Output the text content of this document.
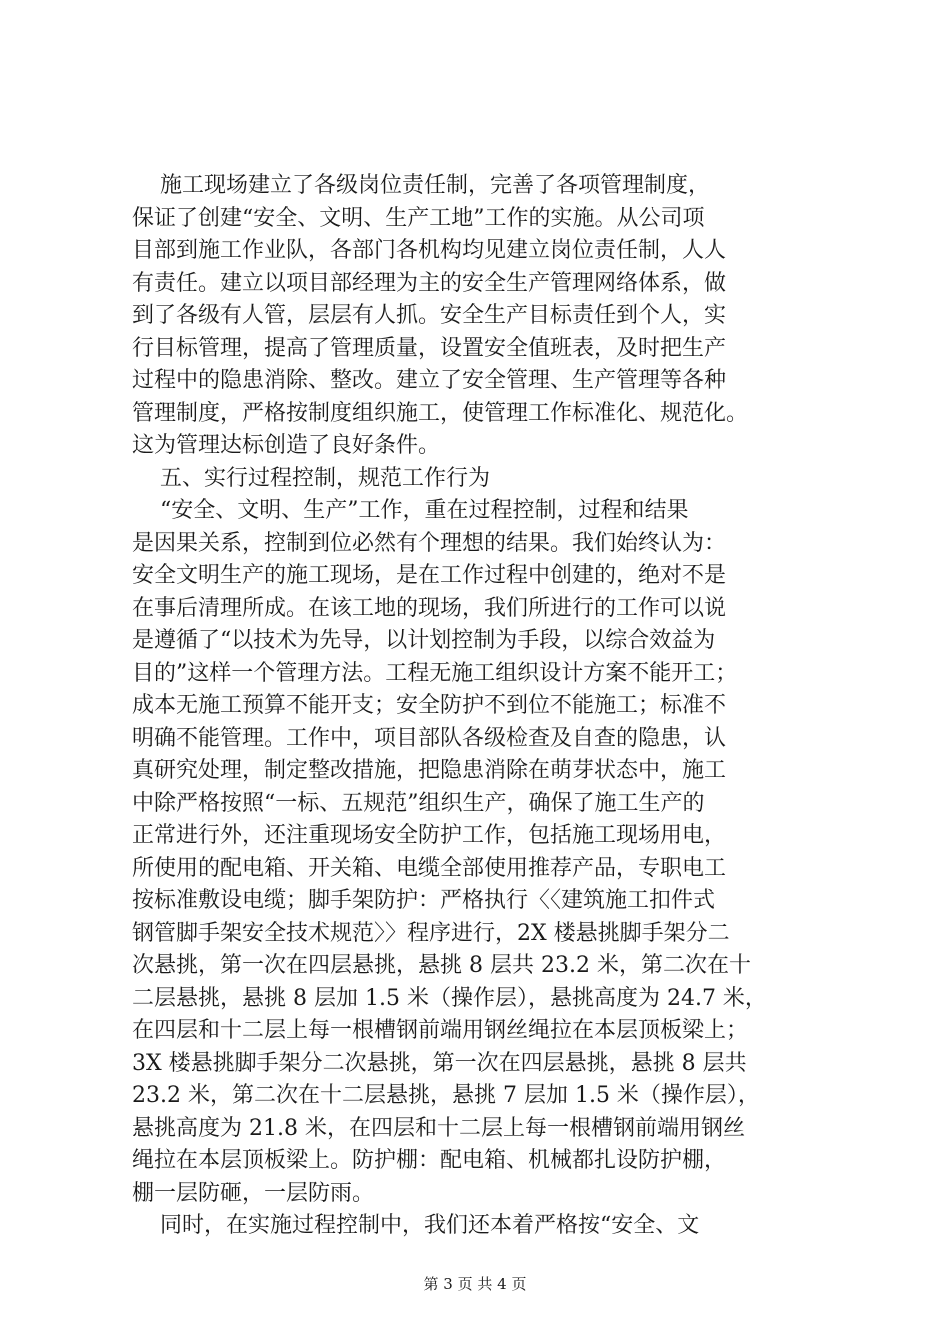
施工现场建立了各级岗位责任制，完善了各项管理制度，
保证了创建“安全、文明、生产工地”工作的实施。从公司项
目部到施工作业队，各部门各机构均见建立岗位责任制，人人
有责任。建立以项目部经理为主的安全生产管理网络体系，做
到了各级有人管，层层有人抓。安全生产目标责任到个人，实
行目标管理，提高了管理质量，设置安全值班表，及时把生产
过程中的隐患消除、整改。建立了安全管理、生产管理等各种
管理制度，严格按制度组织施工，使管理工作标准化、规范化。
这为管理达标创造了良好条件。
五、实行过程控制，规范工作行为
“安全、文明、生产”工作，重在过程控制，过程和结果
是因果关系，控制到位必然有个理想的结果。我们始终认为：
安全文明生产的施工现场，是在工作过程中创建的，绝对不是
在事后清理所成。在该工地的现场，我们所进行的工作可以说
是遵循了“以技术为先导，以计划控制为手段，以综合效益为
目的”这样一个管理方法。工程无施工组织设计方案不能开工；
成本无施工预算不能开支；安全防护不到位不能施工；标准不
明确不能管理。工作中，项目部队各级检查及自查的隐患，认
真研究处理，制定整改措施，把隐患消除在萌芽状态中，施工
中除严格按照“一标、五规范”组织生产，确保了施工生产的
正常进行外，还注重现场安全防护工作，包括施工现场用电，
所使用的配电箱、开关箱、电缆全部使用推荐产品，专职电工
按标准敷设电缆；脚手架防护：严格执行〈〈建筑施工扣件式
钢管脚手架安全技术规范〉〉程序进行，2X 楼悬挑脚手架分二
次悬挑，第一次在四层悬挑，悬挑 8 层共 23.2 米，第二次在十
二层悬挑，悬挑 8 层加 1.5 米（操作层），悬挑高度为 24.7 米，
在四层和十二层上每一根槽钢前端用钢丝绳拉在本层顶板梁上；
3X 楼悬挑脚手架分二次悬挑，第一次在四层悬挑，悬挑 8 层共
23.2 米，第二次在十二层悬挑，悬挑 7 层加 1.5 米（操作层），
悬挑高度为 21.8 米，在四层和十二层上每一根槽钢前端用钢丝
绳拉在本层顶板梁上。防护棚：配电箱、机械都扎设防护棚，
棚一层防砸，一层防雨。
同时，在实施过程控制中，我们还本着严格按“安全、文
第 3 页 共 4 页
